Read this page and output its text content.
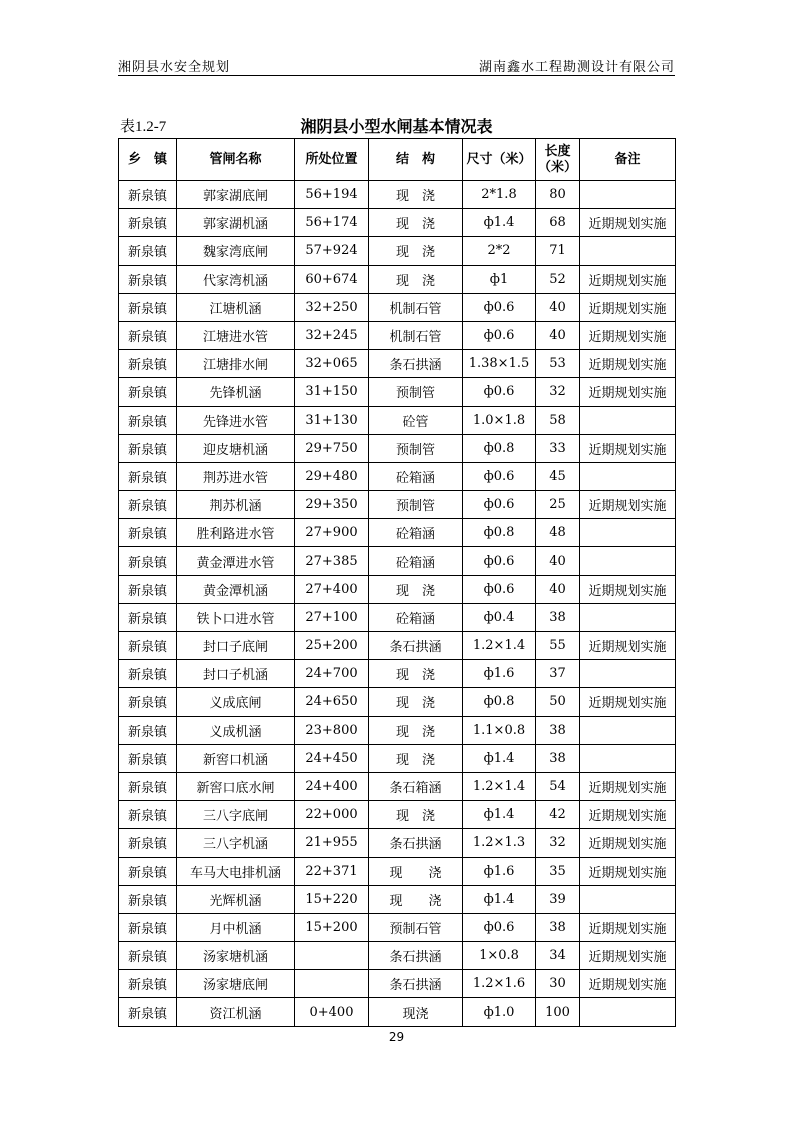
湘阴县水安全规划	湖南鑫水工程勘测设计有限公司
表1.2-7	湘阴县小型水闸基本情况表
乡　镇	管闸名称	所处位置	结　构	尺寸（米）	长度（米）	备注
新泉镇	郭家湖底闸	56+194	现　浇	2*1.8	80	
新泉镇	郭家湖机涵	56+174	现　浇	ф1.4	68	近期规划实施
新泉镇	魏家湾底闸	57+924	现　浇	2*2	71	
新泉镇	代家湾机涵	60+674	现　浇	ф1	52	近期规划实施
新泉镇	江塘机涵	32+250	机制石管	ф0.6	40	近期规划实施
新泉镇	江塘进水管	32+245	机制石管	ф0.6	40	近期规划实施
新泉镇	江塘排水闸	32+065	条石拱涵	1.38×1.5	53	近期规划实施
新泉镇	先锋机涵	31+150	预制管	ф0.6	32	近期规划实施
新泉镇	先锋进水管	31+130	砼管	1.0×1.8	58	
新泉镇	迎皮塘机涵	29+750	预制管	ф0.8	33	近期规划实施
新泉镇	荆苏进水管	29+480	砼箱涵	ф0.6	45	
新泉镇	荆苏机涵	29+350	预制管	ф0.6	25	近期规划实施
新泉镇	胜利路进水管	27+900	砼箱涵	ф0.8	48	
新泉镇	黄金潭进水管	27+385	砼箱涵	ф0.6	40	
新泉镇	黄金潭机涵	27+400	现　浇	ф0.6	40	近期规划实施
新泉镇	铁卜口进水管	27+100	砼箱涵	ф0.4	38	
新泉镇	封口子底闸	25+200	条石拱涵	1.2×1.4	55	近期规划实施
新泉镇	封口子机涵	24+700	现　浇	ф1.6	37	
新泉镇	义成底闸	24+650	现　浇	ф0.8	50	近期规划实施
新泉镇	义成机涵	23+800	现　浇	1.1×0.8	38	
新泉镇	新窖口机涵	24+450	现　浇	ф1.4	38	
新泉镇	新窖口底水闸	24+400	条石箱涵	1.2×1.4	54	近期规划实施
新泉镇	三八字底闸	22+000	现　浇	ф1.4	42	近期规划实施
新泉镇	三八字机涵	21+955	条石拱涵	1.2×1.3	32	近期规划实施
新泉镇	车马大电排机涵	22+371	现　　浇	ф1.6	35	近期规划实施
新泉镇	光辉机涵	15+220	现　　浇	ф1.4	39	
新泉镇	月中机涵	15+200	预制石管	ф0.6	38	近期规划实施
新泉镇	汤家塘机涵		条石拱涵	1×0.8	34	近期规划实施
新泉镇	汤家塘底闸		条石拱涵	1.2×1.6	30	近期规划实施
新泉镇	资江机涵	0+400	现浇	ф1.0	100	
29
